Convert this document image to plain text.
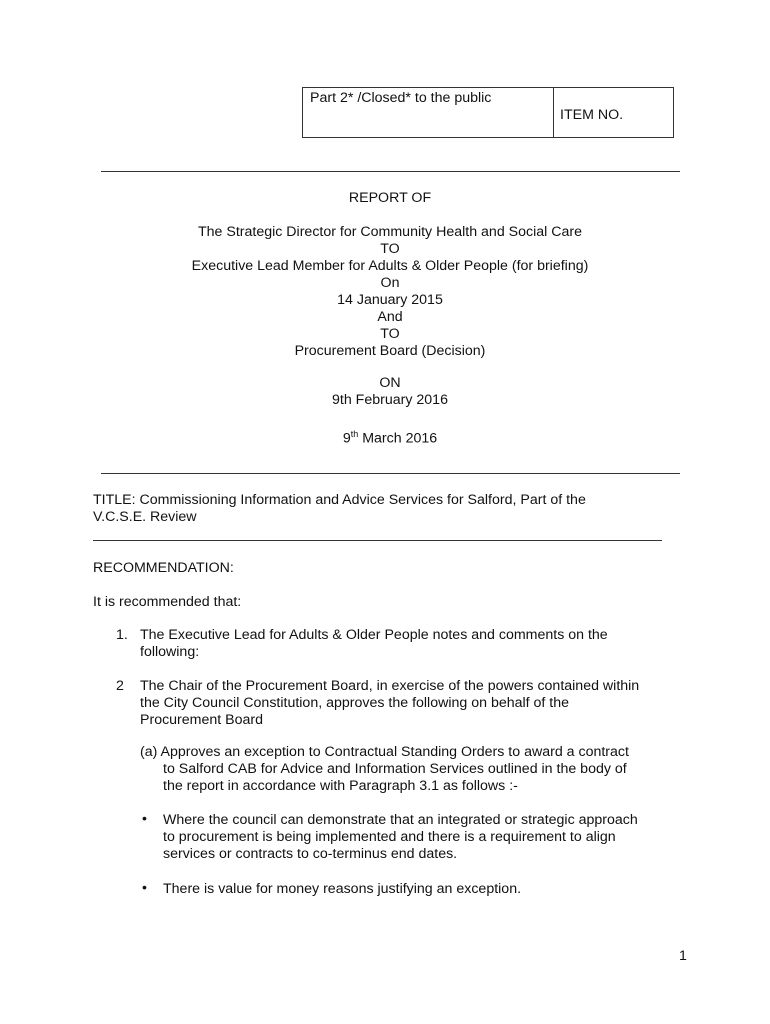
Part 2* /Closed* to the public
ITEM NO.
REPORT OF
The Strategic Director for Community Health and Social Care
TO
Executive Lead Member for Adults & Older People (for briefing)
On
14 January 2015
And
TO
Procurement Board (Decision)
ON
9th February 2016
9th March 2016
TITLE: Commissioning Information and Advice Services for Salford, Part of the
V.C.S.E. Review
RECOMMENDATION:
It is recommended that:
1. The Executive Lead for Adults & Older People notes and comments on the
following:
2 The Chair of the Procurement Board, in exercise of the powers contained within
the City Council Constitution, approves the following on behalf of the
Procurement Board
(a) Approves an exception to Contractual Standing Orders to award a contract
to Salford CAB for Advice and Information Services outlined in the body of
the report in accordance with Paragraph 3.1 as follows :-
• Where the council can demonstrate that an integrated or strategic approach
to procurement is being implemented and there is a requirement to align
services or contracts to co-terminus end dates.
• There is value for money reasons justifying an exception.
1
